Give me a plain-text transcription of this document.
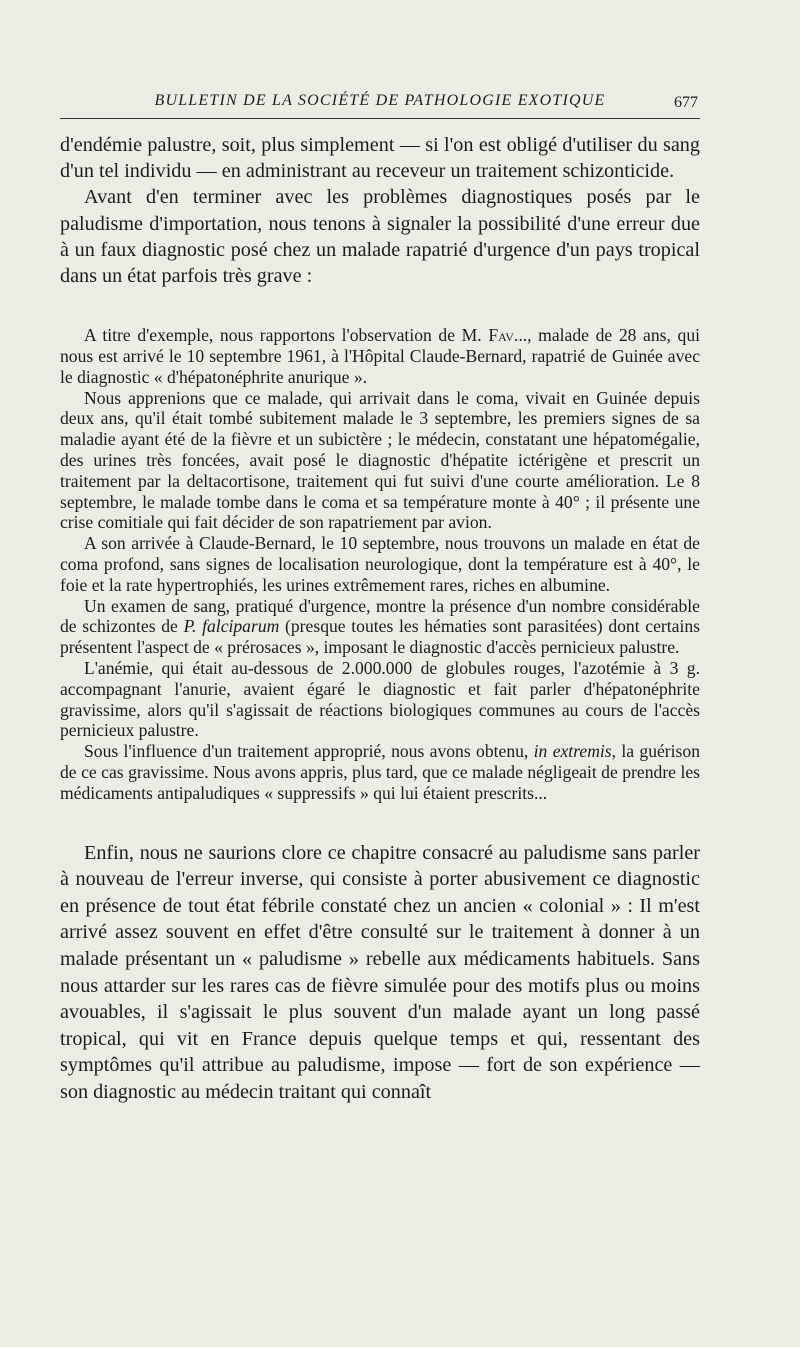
BULLETIN DE LA SOCIÉTÉ DE PATHOLOGIE EXOTIQUE	677

d'endémie palustre, soit, plus simplement — si l'on est obligé d'utiliser du sang d'un tel individu — en administrant au receveur un traitement schizonticide.

Avant d'en terminer avec les problèmes diagnostiques posés par le paludisme d'importation, nous tenons à signaler la possibilité d'une erreur due à un faux diagnostic posé chez un malade rapatrié d'urgence d'un pays tropical dans un état parfois très grave :

A titre d'exemple, nous rapportons l'observation de M. Fav..., malade de 28 ans, qui nous est arrivé le 10 septembre 1961, à l'Hôpital Claude-Bernard, rapatrié de Guinée avec le diagnostic « d'hépatonéphrite anurique ».

Nous apprenions que ce malade, qui arrivait dans le coma, vivait en Guinée depuis deux ans, qu'il était tombé subitement malade le 3 septembre, les premiers signes de sa maladie ayant été de la fièvre et un subictère ; le médecin, constatant une hépatomégalie, des urines très foncées, avait posé le diagnostic d'hépatite ictérigène et prescrit un traitement par la deltacortisone, traitement qui fut suivi d'une courte amélioration. Le 8 septembre, le malade tombe dans le coma et sa température monte à 40° ; il présente une crise comitiale qui fait décider de son rapatriement par avion.

A son arrivée à Claude-Bernard, le 10 septembre, nous trouvons un malade en état de coma profond, sans signes de localisation neurologique, dont la température est à 40°, le foie et la rate hypertrophiés, les urines extrêmement rares, riches en albumine.

Un examen de sang, pratiqué d'urgence, montre la présence d'un nombre considérable de schizontes de P. falciparum (presque toutes les hématies sont parasitées) dont certains présentent l'aspect de « prérosaces », imposant le diagnostic d'accès pernicieux palustre.

L'anémie, qui était au-dessous de 2.000.000 de globules rouges, l'azotémie à 3 g. accompagnant l'anurie, avaient égaré le diagnostic et fait parler d'hépatonéphrite gravissime, alors qu'il s'agissait de réactions biologiques communes au cours de l'accès pernicieux palustre.

Sous l'influence d'un traitement approprié, nous avons obtenu, in extremis, la guérison de ce cas gravissime. Nous avons appris, plus tard, que ce malade négligeait de prendre les médicaments antipaludiques « suppressifs » qui lui étaient prescrits...

Enfin, nous ne saurions clore ce chapitre consacré au paludisme sans parler à nouveau de l'erreur inverse, qui consiste à porter abusivement ce diagnostic en présence de tout état fébrile constaté chez un ancien « colonial » : Il m'est arrivé assez souvent en effet d'être consulté sur le traitement à donner à un malade présentant un « paludisme » rebelle aux médicaments habituels. Sans nous attarder sur les rares cas de fièvre simulée pour des motifs plus ou moins avouables, il s'agissait le plus souvent d'un malade ayant un long passé tropical, qui vit en France depuis quelque temps et qui, ressentant des symptômes qu'il attribue au paludisme, impose — fort de son expérience — son diagnostic au médecin traitant qui connaît
